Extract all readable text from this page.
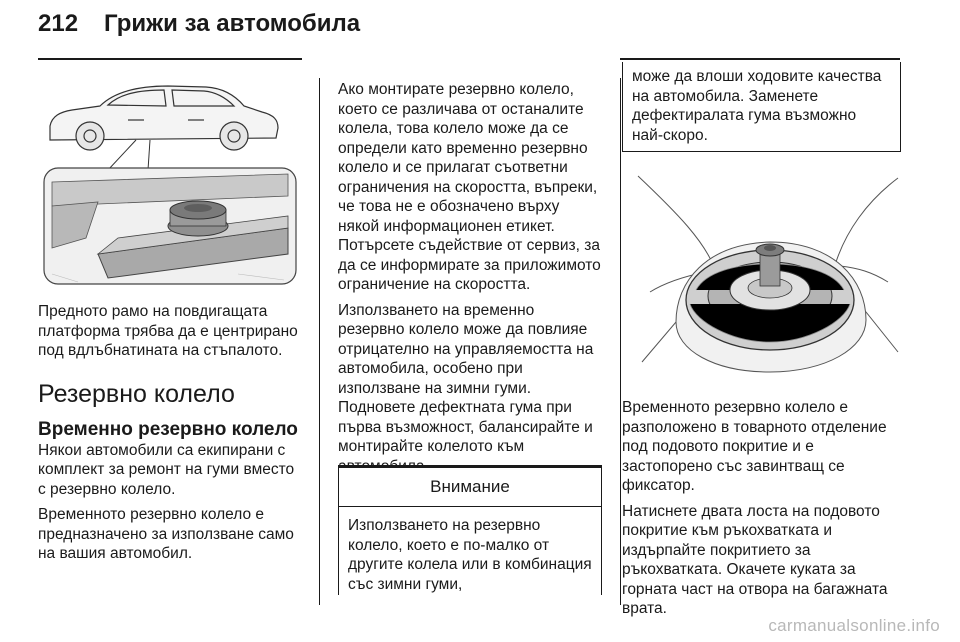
212 Грижи за автомобила

Предното рамо на повдигащата платформа трябва да е центрирано под вдлъбнатината на стъпалото.

Резервно колело
Временно резервно колело

Някои автомобили са екипирани с комплект за ремонт на гуми вместо с резервно колело.

Временното резервно колело е предназначено за използване само на вашия автомобил.

Ако монтирате резервно колело, което се различава от останалите колела, това колело може да се определи като временно резервно колело и се прилагат съответни ограничения на скоростта, въпреки, че това не е обозначено върху някой информационен етикет. Потърсете съдействие от сервиз, за да се информирате за приложимото ограничение на скоростта.

Използването на временно резервно колело може да повлияе отрицателно на управляемостта на автомобила, особено при използване на зимни гуми. Подновете дефектната гума при първа възможност, балансирайте и монтирайте колелото към

Внимание
Използването на резервно колело, което е по-малко от другите колела или в комбинация със зимни гуми,
може да влоши ходовите качества на автомобила. Заменете дефектиралата гума възможно най-скоро.

Временното резервно колело е разположено в товарното отделение под подовото покритие и е застопорено със завинтващ се фиксатор.

Натиснете двата лоста на подовото покритие към ръкохватката и издърпайте покритието за ръкохватката. Окачете куката за горната част на отвора на багажната врата.

carmanualsonline.info
